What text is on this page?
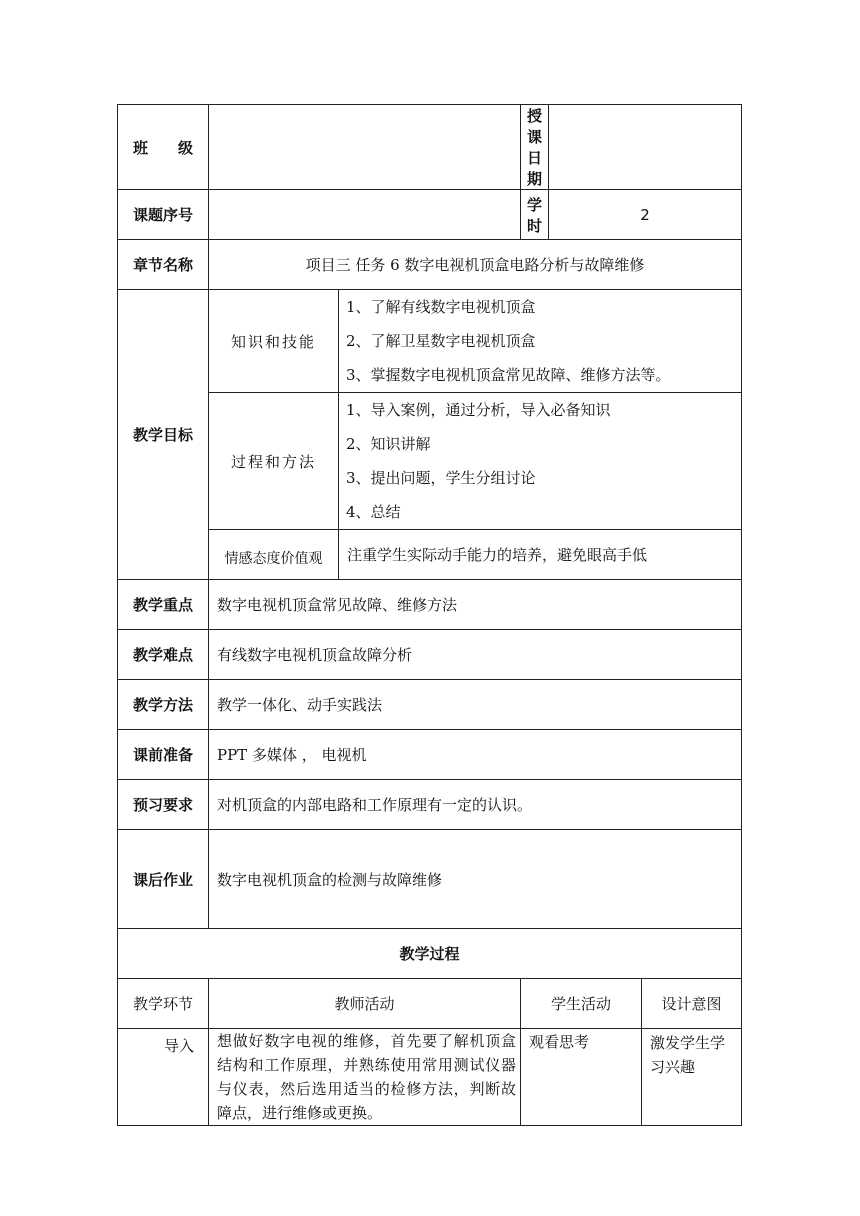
班　　级			授课日期		
课题序号			学　　时	2	
章节名称	项目三 任务 6 数字电视机顶盒电路分析与故障维修				
教学目标	知识和技能	1、了解有线数字电视机顶盒
2、了解卫星数字电视机顶盒
3、掌握数字电视机顶盒常见故障、维修方法等。			

	过程和方法	1、导入案例，通过分析，导入必备知识
2、知识讲解
3、提出问题，学生分组讨论
4、总结			

	情感态度价值观	注重学生实际动手能力的培养，避免眼高手低			
教学重点	数字电视机顶盒常见故障、维修方法				
教学难点	有线数字电视机顶盒故障分析				
教学方法	教学一体化、动手实践法				
课前准备	PPT 多媒体 ， 电视机				
预习要求	对机顶盒的内部电路和工作原理有一定的认识。				
课后作业	数字电视机顶盒的检测与故障维修				
教学过程					
教学环节	教师活动		学生活动		设计意图
导入	想做好数字电视的维修，首先要了解机顶盒结构和工作原理，并熟练使用常用测试仪器与仪表，然后选用适当的检修方法，判断故障点，进行维修或更换。		观看思考		激发学生学习兴趣
